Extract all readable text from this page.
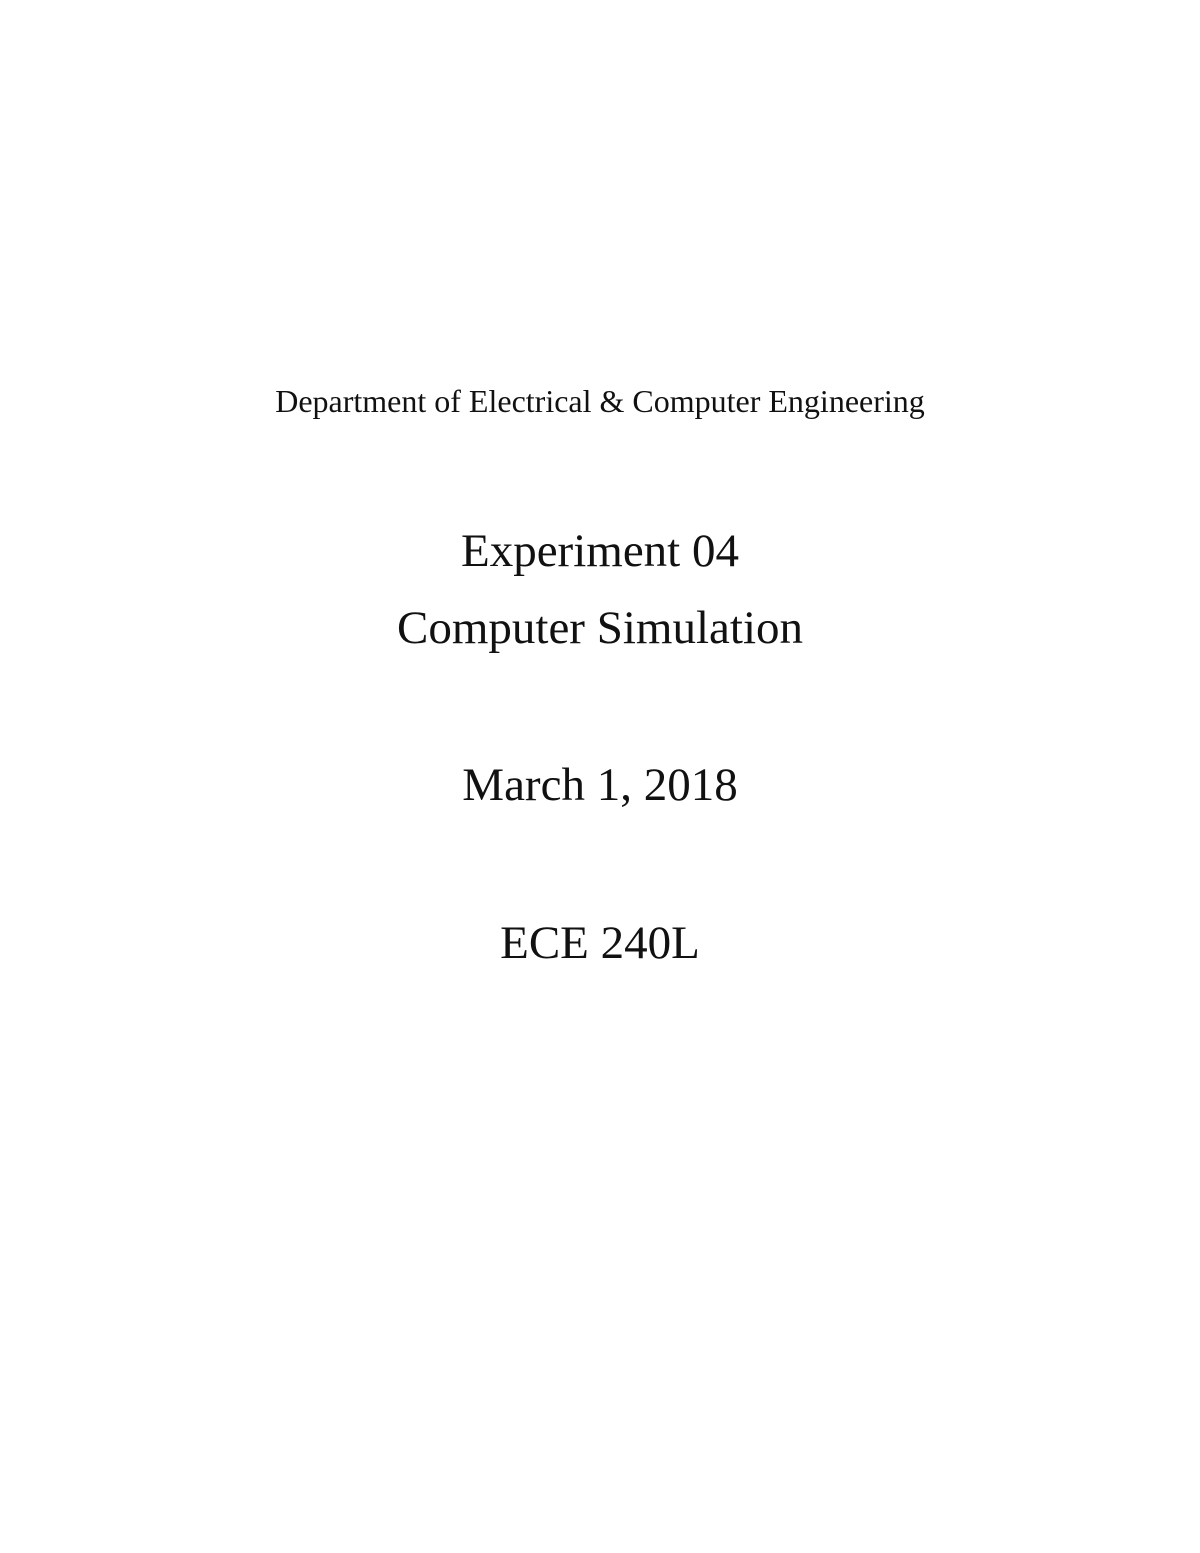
Department of Electrical & Computer Engineering
Experiment 04
Computer Simulation
March 1, 2018
ECE 240L
